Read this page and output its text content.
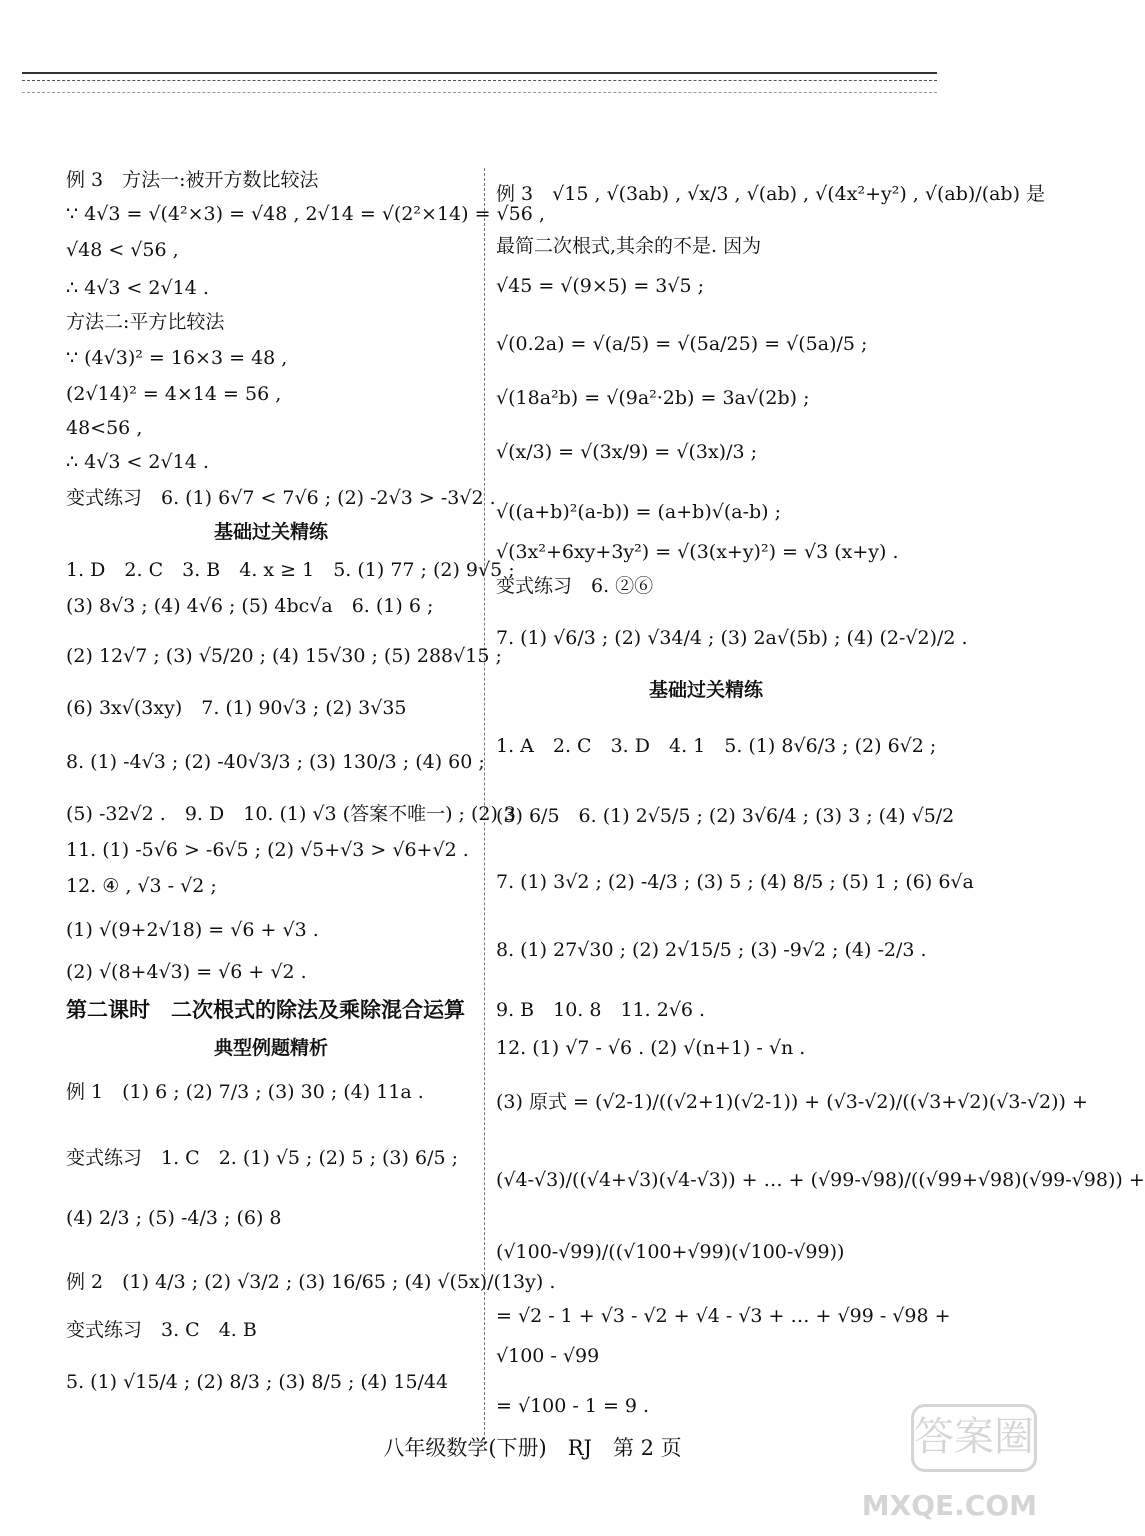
例 3　方法一:被开方数比较法
∵ 4√3 = √(4²×3) = √48 , 2√14 = √(2²×14) = √56 ,
√48 < √56 ,
∴ 4√3 < 2√14 .
方法二:平方比较法
∵ (4√3)² = 16×3 = 48 ,
(2√14)² = 4×14 = 56 ,
48<56 ,
∴ 4√3 < 2√14 .
变式练习　6. (1) 6√7 < 7√6 ; (2) -2√3 > -3√2 .
1. D　2. C　3. B　4. x ≥ 1　5. (1) 77 ; (2) 9√5 ;
(3) 8√3 ; (4) 4√6 ; (5) 4bc√a　6. (1) 6 ;
(2) 12√7 ; (3) √5/20 ; (4) 15√30 ; (5) 288√15 ;
(6) 3x√(3xy)　7. (1) 90√3 ; (2) 3√35
8. (1) -4√3 ; (2) -40√3/3 ; (3) 130/3 ; (4) 60 ;
(5) -32√2 .　9. D　10. (1) √3 (答案不唯一) ; (2) 3
11. (1) -5√6 > -6√5 ; (2) √5+√3 > √6+√2 .
12. ④ , √3 - √2 ;
(1) √(9+2√18) = √6 + √3 .
(2) √(8+4√3) = √6 + √2 .
例 1　(1) 6 ; (2) 7/3 ; (3) 30 ; (4) 11a .
变式练习　1. C　2. (1) √5 ; (2) 5 ; (3) 6/5 ;
(4) 2/3 ; (5) -4/3 ; (6) 8
例 2　(1) 4/3 ; (2) √3/2 ; (3) 16/65 ; (4) √(5x)/(13y) .
变式练习　3. C　4. B
5. (1) √15/4 ; (2) 8/3 ; (3) 8/5 ; (4) 15/44
基础过关精练
第二课时　二次根式的除法及乘除混合运算
典型例题精析
例 3　√15 , √(3ab) , √x/3 , √(ab) , √(4x²+y²) , √(ab)/(ab) 是
最简二次根式,其余的不是. 因为
√45 = √(9×5) = 3√5 ;
√(0.2a) = √(a/5) = √(5a/25) = √(5a)/5 ;
√(18a²b) = √(9a²·2b) = 3a√(2b) ;
√(x/3) = √(3x/9) = √(3x)/3 ;
√((a+b)²(a-b)) = (a+b)√(a-b) ;
√(3x²+6xy+3y²) = √(3(x+y)²) = √3 (x+y) .
变式练习　6. ②⑥
7. (1) √6/3 ; (2) √34/4 ; (3) 2a√(5b) ; (4) (2-√2)/2 .
1. A　2. C　3. D　4. 1　5. (1) 8√6/3 ; (2) 6√2 ;
(3) 6/5　6. (1) 2√5/5 ; (2) 3√6/4 ; (3) 3 ; (4) √5/2
7. (1) 3√2 ; (2) -4/3 ; (3) 5 ; (4) 8/5 ; (5) 1 ; (6) 6√a
8. (1) 27√30 ; (2) 2√15/5 ; (3) -9√2 ; (4) -2/3 .
9. B　10. 8　11. 2√6 .
12. (1) √7 - √6 . (2) √(n+1) - √n .
(3) 原式 = (√2-1)/((√2+1)(√2-1)) + (√3-√2)/((√3+√2)(√3-√2)) +
(√4-√3)/((√4+√3)(√4-√3)) + … + (√99-√98)/((√99+√98)(√99-√98)) +
(√100-√99)/((√100+√99)(√100-√99))
= √2 - 1 + √3 - √2 + √4 - √3 + … + √99 - √98 +
√100 - √99
= √100 - 1 = 9 .
基础过关精练
八年级数学(下册)　RJ　第 2 页	答案圈
MXQE.COM
